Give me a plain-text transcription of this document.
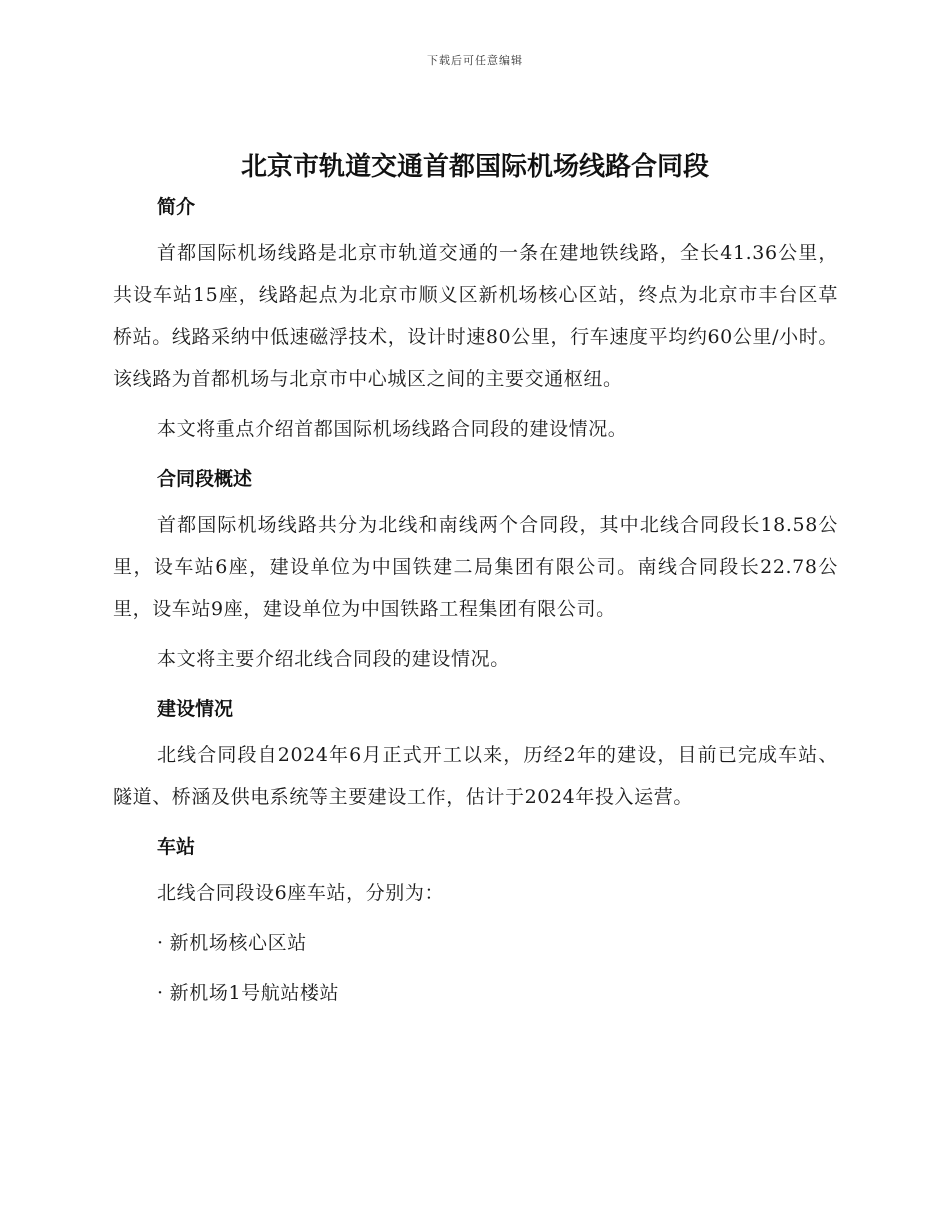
下载后可任意编辑
北京市轨道交通首都国际机场线路合同段
简介

首都国际机场线路是北京市轨道交通的一条在建地铁线路，全长41.36公里，共设车站15座，线路起点为北京市顺义区新机场核心区站，终点为北京市丰台区草桥站。线路采纳中低速磁浮技术，设计时速80公里，行车速度平均约60公里/小时。该线路为首都机场与北京市中心城区之间的主要交通枢纽。

本文将重点介绍首都国际机场线路合同段的建设情况。

合同段概述

首都国际机场线路共分为北线和南线两个合同段，其中北线合同段长18.58公里，设车站6座，建设单位为中国铁建二局集团有限公司。南线合同段长22.78公里，设车站9座，建设单位为中国铁路工程集团有限公司。

本文将主要介绍北线合同段的建设情况。

建设情况

北线合同段自2024年6月正式开工以来，历经2年的建设，目前已完成车站、隧道、桥涵及供电系统等主要建设工作，估计于2024年投入运营。

车站

北线合同段设6座车站，分别为：

· 新机场核心区站

· 新机场1号航站楼站
